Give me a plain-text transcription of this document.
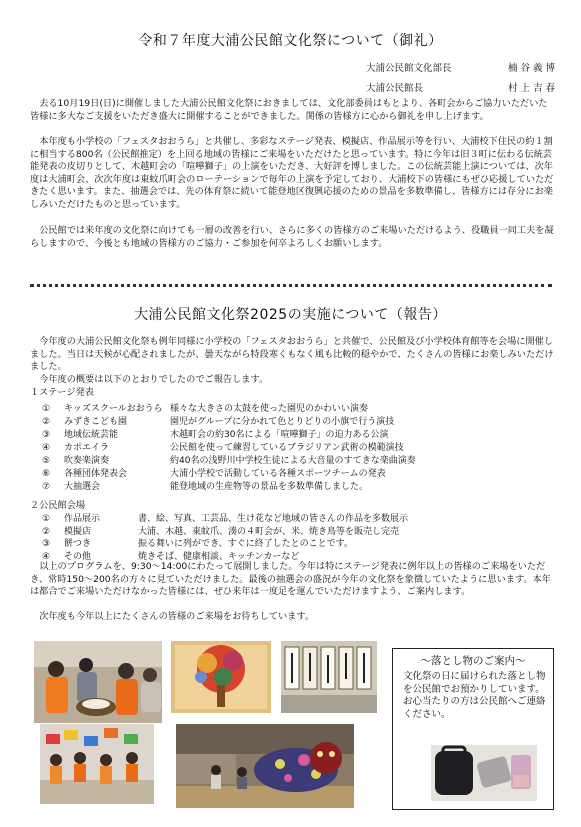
令和７年度大浦公民館文化祭について（御礼）
大浦公民館文化部長	楠 谷 義 博
大浦公民館長	村 上 吉 春

去る10月19日(日)に開催しました大浦公民館文化祭におきましては、文化部委員はもとより、各町会からご協力いただいた皆様に多大なご支援をいただき盛大に開催することができました。関係の皆様方に心から御礼を申し上げます。

本年度も小学校の「フェスタおおうら」と共催し、多彩なステージ発表、模擬店、作品展示等を行い、大浦校下住民の約１割に相当する800名（公民館推定）を上回る地域の皆様にご来場をいただけたと思っています。特に今年は旧３町に伝わる伝統芸能発表の皮切りとして、木越町会の「喧嘩獅子」の上演をいただき、大好評を博しました。この伝統芸能上演については、次年度は大浦町会、次次年度は東蚊爪町会のローテーションで毎年の上演を予定しており、大浦校下の皆様にもぜひ応援していただきたく思います。また、抽選会では、先の体育祭に続いて能登地区復興応援のための景品を多数準備し、皆様方には存分にお楽しみいただけたものと思っています。

公民館では来年度の文化祭に向けても一層の改善を行い、さらに多くの皆様方のご来場いただけるよう、役職員一同工夫を凝らしますので、今後とも地域の皆様方のご協力・ご参加を何卒よろしくお願いします。

大浦公民館文化祭2025の実施について（報告）

今年度の大浦公民館文化祭も例年同様に小学校の「フェスタおおうら」と共催で、公民館及び小学校体育館等を会場に開催しました。当日は天候が心配されましたが、曇天ながら特段寒くもなく風も比較的穏やかで、たくさんの皆様にお楽しみいただけました。

今年度の概要は以下のとおりでしたのでご報告します。

１ステージ発表
① キッズスクールおおうら 様々な大きさの太鼓を使った園児のかわいい演奏
② みずきこども園	園児がグループに分かれて色とりどりの小旗で行う演技
③ 地域伝統芸能	木越町会の約30名による「喧嘩獅子」の迫力ある公演
④ カポエイラ	公民館を使って練習しているブラジリアン武術の模範演技
⑤ 吹奏楽演奏	約40名の浅野川中学校生徒による大音量のすてきな楽曲演奏
⑥ 各種団体発表会	大浦小学校で活動している各種スポーツチームの発表
⑦ 大抽選会	能登地域の生産物等の景品を多数準備しました。
２公民館会場
① 作品展示	書、絵、写真、工芸品、生け花など地域の皆さんの作品を多数展示
② 模擬店	大浦、木越、東蚊爪、湊の４町会が、米、焼き鳥等を販売し完売
③ 餅つき	振る舞いに列ができ、すぐに終了したとのことです。
④ その他	焼きそば、健康相談、キッチンカーなど

以上のプログラムを、9:30～14:00にわたって展開しました。今年は特にステージ発表に例年以上の皆様のご来場をいただき、常時150～200名の方々に見ていただけました。最後の抽選会の盛況が今年の文化祭を象徴していたように思います。本年は都合でご来場いただけなかった皆様には、ぜひ来年は一度足を運んでいただけますよう、ご案内します。

次年度も今年以上にたくさんの皆様のご来場をお待ちしています。

～落とし物のご案内～

文化祭の日に届けられた落とし物を公民館でお預かりしています。お心当たりの方は公民館へご連絡ください。
